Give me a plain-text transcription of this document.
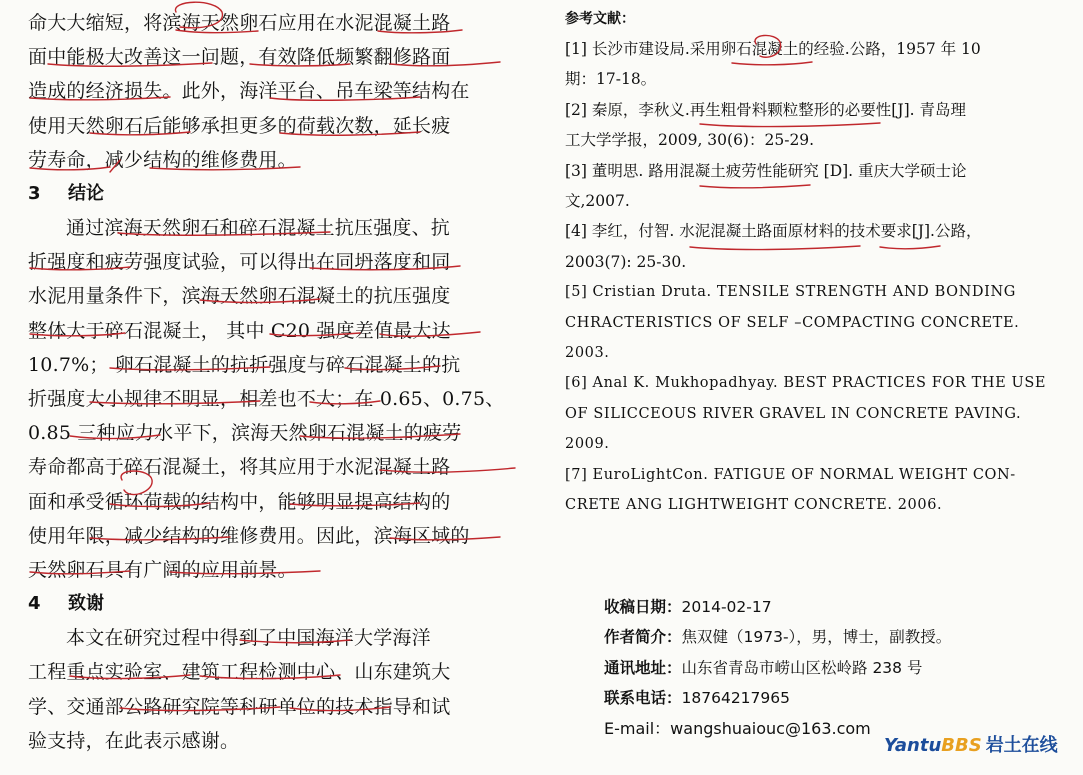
命大大缩短，将滨海天然卵石应用在水泥混凝土路
面中能极大改善这一问题，有效降低频繁翻修路面
造成的经济损失。此外，海洋平台、吊车梁等结构在
使用天然卵石后能够承担更多的荷载次数，延长疲
劳寿命，减少结构的维修费用。

3 结论

通过滨海天然卵石和碎石混凝土抗压强度、抗
折强度和疲劳强度试验，可以得出在同坍落度和同
水泥用量条件下，滨海天然卵石混凝土的抗压强度
整体大于碎石混凝土， 其中 C20 强度差值最大达
10.7%； 卵石混凝土的抗折强度与碎石混凝土的抗
折强度大小规律不明显，相差也不大；在 0.65、0.75、
0.85 三种应力水平下，滨海天然卵石混凝土的疲劳
寿命都高于碎石混凝土，将其应用于水泥混凝土路
面和承受循环荷载的结构中，能够明显提高结构的
使用年限，减少结构的维修费用。因此，滨海区域的
天然卵石具有广阔的应用前景。

4 致谢

本文在研究过程中得到了中国海洋大学海洋
工程重点实验室、建筑工程检测中心、山东建筑大
学、交通部公路研究院等科研单位的技术指导和试
验支持，在此表示感谢。

参考文献：

[1] 长沙市建设局.采用卵石混凝土的经验.公路，1957 年 10
期：17-18。

[2] 秦原，李秋义.再生粗骨料颗粒整形的必要性[J]. 青岛理
工大学学报，2009, 30(6)：25-29.

[3] 董明思. 路用混凝土疲劳性能研究 [D]. 重庆大学硕士论
文,2007.

[4] 李红，付智. 水泥混凝土路面原材料的技术要求[J].公路，
2003(7): 25-30.

[5] Cristian Druta. TENSILE STRENGTH AND BONDING
CHRACTERISTICS OF SELF –COMPACTING CONCRETE.
2003.

[6] Anal K. Mukhopadhyay. BEST PRACTICES FOR THE USE
OF SILICCEOUS RIVER GRAVEL IN CONCRETE PAVING.
2009.

[7] EuroLightCon. FATIGUE OF NORMAL WEIGHT CON-
CRETE ANG LIGHTWEIGHT CONCRETE. 2006.

收稿日期：2014-02-17
作者简介：焦双健（1973-），男，博士，副教授。
通讯地址：山东省青岛市崂山区松岭路 238 号
联系电话：18764217965
E-mail：wangshuaiouc@163.com
YantuBBS 岩土在线
